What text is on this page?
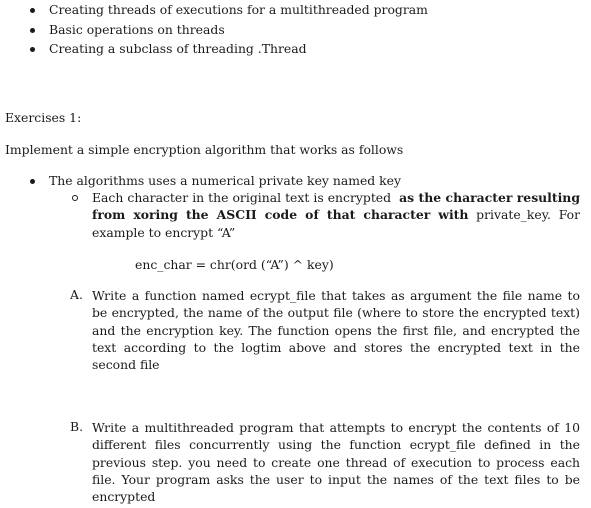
Creating threads of executions for a multithreaded program
Basic operations on threads
Creating a subclass of threading .Thread
Exercises 1:
Implement a simple encryption algorithm that works as follows
The algorithms uses a numerical private key named key
Each character in the original text is encrypted as the character resulting from xoring the ASCII code of that character with private_key. For example to encrypt “A”
enc_char = chr(ord (“A”) ^ key)
A. Write a function named ecrypt_file that takes as argument the file name to be encrypted, the name of the output file (where to store the encrypted text) and the encryption key. The function opens the first file, and encrypted the text according to the logtim above and stores the encrypted text in the second file
B. Write a multithreaded program that attempts to encrypt the contents of 10 different files concurrently using the function ecrypt_file defined in the previous step. you need to create one thread of execution to process each file. Your program asks the user to input the names of the text files to be encrypted
